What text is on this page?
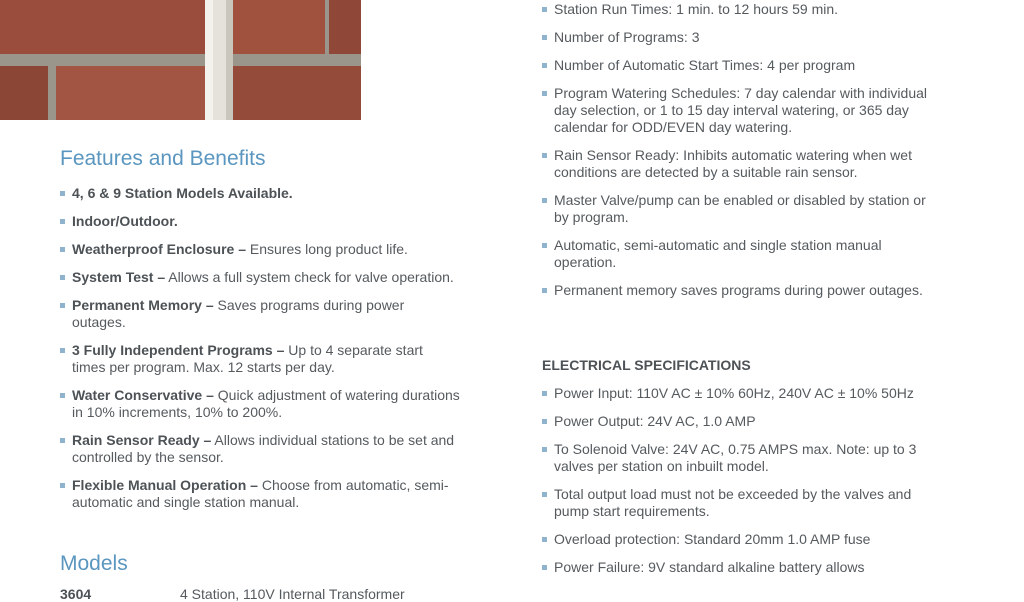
Features and Benefits
4, 6 & 9 Station Models Available.
Indoor/Outdoor.
Weatherproof Enclosure – Ensures long product life.
System Test – Allows a full system check for valve operation.
Permanent Memory – Saves programs during power outages.
3 Fully Independent Programs – Up to 4 separate start times per program. Max. 12 starts per day.
Water Conservative – Quick adjustment of watering durations in 10% increments, 10% to 200%.
Rain Sensor Ready – Allows individual stations to be set and controlled by the sensor.
Flexible Manual Operation – Choose from automatic, semi-automatic and single station manual.
Models
3604	4 Station, 110V Internal Transformer
Station Run Times: 1 min. to 12 hours 59 min.
Number of Programs: 3
Number of Automatic Start Times: 4 per program
Program Watering Schedules: 7 day calendar with individual day selection, or 1 to 15 day interval watering, or 365 day calendar for ODD/EVEN day watering.
Rain Sensor Ready: Inhibits automatic watering when wet conditions are detected by a suitable rain sensor.
Master Valve/pump can be enabled or disabled by station or by program.
Automatic, semi-automatic and single station manual operation.
Permanent memory saves programs during power outages.
ELECTRICAL SPECIFICATIONS
Power Input: 110V AC ± 10% 60Hz, 240V AC ± 10% 50Hz
Power Output: 24V AC, 1.0 AMP
To Solenoid Valve: 24V AC, 0.75 AMPS max. Note: up to 3 valves per station on inbuilt model.
Total output load must not be exceeded by the valves and pump start requirements.
Overload protection: Standard 20mm 1.0 AMP fuse
Power Failure: 9V standard alkaline battery allows
